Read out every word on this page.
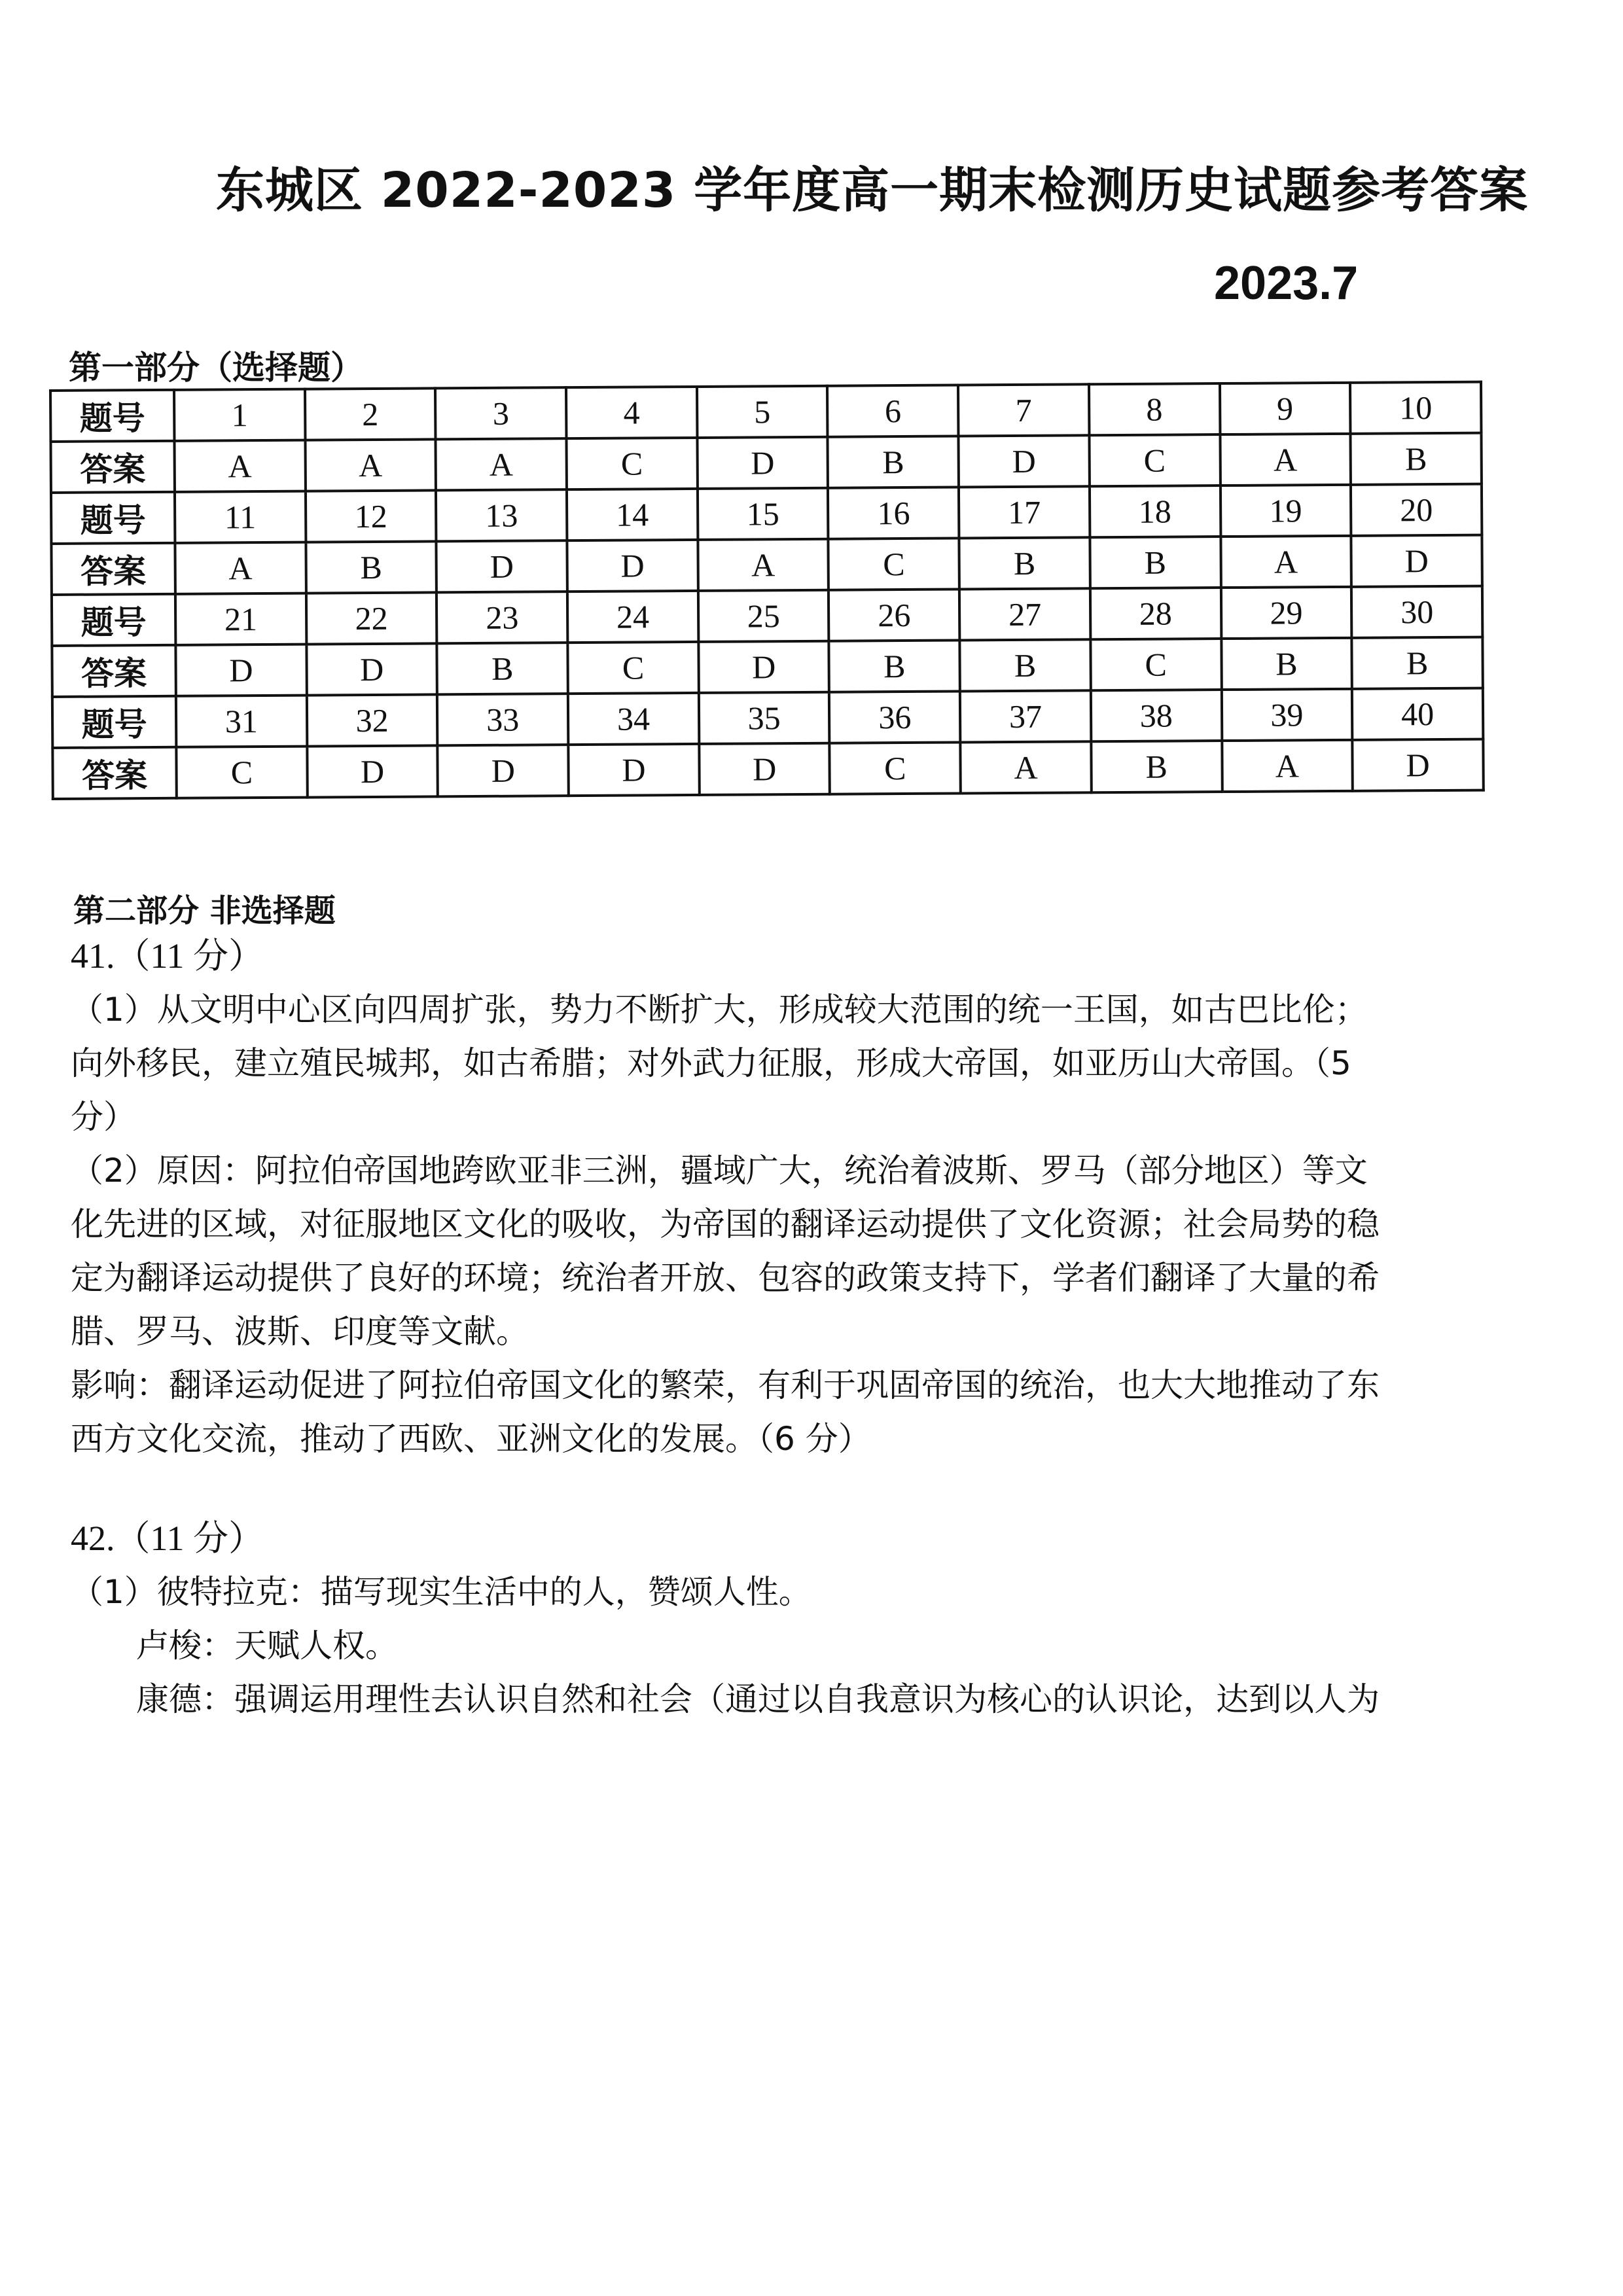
东城区 2022-2023 学年度高一期末检测历史试题参考答案
2023.7
第一部分（选择题）
题号	1	2	3	4	5	6	7	8	9	10
答案	A	A	A	C	D	B	D	C	A	B
题号	11	12	13	14	15	16	17	18	19	20
答案	A	B	D	D	A	C	B	B	A	D
题号	21	22	23	24	25	26	27	28	29	30
答案	D	D	B	C	D	B	B	C	B	B
题号	31	32	33	34	35	36	37	38	39	40
答案	C	D	D	D	D	C	A	B	A	D
第二部分 非选择题
41.（11 分）
（1）从文明中心区向四周扩张，势力不断扩大，形成较大范围的统一王国，如古巴比伦；
向外移民，建立殖民城邦，如古希腊；对外武力征服，形成大帝国，如亚历山大帝国。（5
分）
（2）原因：阿拉伯帝国地跨欧亚非三洲，疆域广大，统治着波斯、罗马（部分地区）等文
化先进的区域，对征服地区文化的吸收，为帝国的翻译运动提供了文化资源；社会局势的稳
定为翻译运动提供了良好的环境；统治者开放、包容的政策支持下，学者们翻译了大量的希
腊、罗马、波斯、印度等文献。
影响：翻译运动促进了阿拉伯帝国文化的繁荣，有利于巩固帝国的统治，也大大地推动了东
西方文化交流，推动了西欧、亚洲文化的发展。（6 分）
42.（11 分）
（1）彼特拉克：描写现实生活中的人，赞颂人性。
卢梭：天赋人权。
康德：强调运用理性去认识自然和社会（通过以自我意识为核心的认识论，达到以人为
